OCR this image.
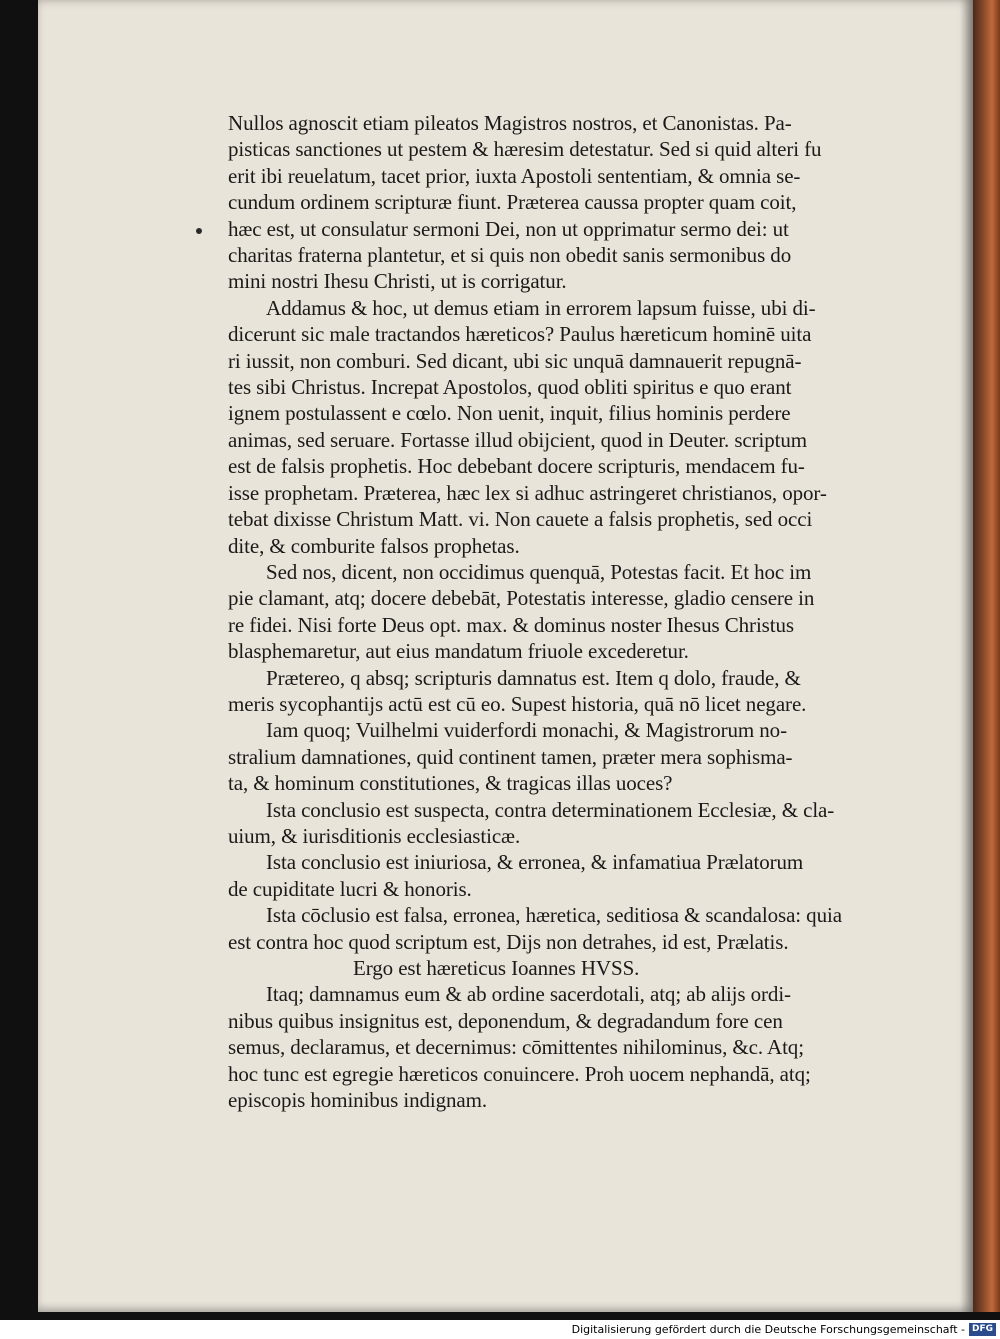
Nullos agnoscit etiam pileatos Magistros nostros, et Canonistas. Pa-
pisticas sanctiones ut pestem & hæresim detestatur. Sed si quid alteri fu
erit ibi reuelatum, tacet prior, iuxta Apostoli sententiam, & omnia se-
cundum ordinem scripturæ fiunt. Præterea caussa propter quam coit,
hæc est, ut consulatur sermoni Dei, non ut opprimatur sermo dei: ut
charitas fraterna plantetur, et si quis non obedit sanis sermonibus do
mini nostri Ihesu Christi, ut is corrigatur.

Addamus & hoc, ut demus etiam in errorem lapsum fuisse, ubi di-
dicerunt sic male tractandos hæreticos? Paulus hæreticum hominē uita
ri iussit, non comburi. Sed dicant, ubi sic unquā damnauerit repugnā-
tes sibi Christus. Increpat Apostolos, quod obliti spiritus e quo erant
ignem postulassent e cœlo. Non uenit, inquit, filius hominis perdere
animas, sed seruare. Fortasse illud obijcient, quod in Deuter. scriptum
est de falsis prophetis. Hoc debebant docere scripturis, mendacem fu-
isse prophetam. Præterea, hæc lex si adhuc astringeret christianos, opor-
tebat dixisse Christum Matt. vi. Non cauete a falsis prophetis, sed occi
dite, & comburite falsos prophetas.

Sed nos, dicent, non occidimus quenquā, Potestas facit. Et hoc im
pie clamant, atq; docere debebāt, Potestatis interesse, gladio censere in
re fidei. Nisi forte Deus opt. max. & dominus noster Ihesus Christus
blasphemaretur, aut eius mandatum friuole excederetur.

Prætereo, q absq; scripturis damnatus est. Item q dolo, fraude, &
meris sycophantijs actū est cū eo. Supest historia, quā nō licet negare.

Iam quoq; Vuilhelmi vuiderfordi monachi, & Magistrorum no-
stralium damnationes, quid continent tamen, præter mera sophisma-
ta, & hominum constitutiones, & tragicas illas uoces?

Ista conclusio est suspecta, contra determinationem Ecclesiæ, & cla-
uium, & iurisditionis ecclesiasticæ.

Ista conclusio est iniuriosa, & erronea, & infamatiua Prælatorum
de cupiditate lucri & honoris.

Ista cōclusio est falsa, erronea, hæretica, seditiosa & scandalosa: quia
est contra hoc quod scriptum est, Dijs non detrahes, id est, Prælatis.

Ergo est hæreticus Ioannes HVSS.

Itaq; damnamus eum & ab ordine sacerdotali, atq; ab alijs ordi-
nibus quibus insignitus est, deponendum, & degradandum fore cen
semus, declaramus, et decernimus: cōmittentes nihilominus, &c. Atq;
hoc tunc est egregie hæreticos conuincere. Proh uocem nephandā, atq;
episcopis hominibus indignam.

Digitalisierung gefördert durch die Deutsche Forschungsgemeinschaft - DFG
